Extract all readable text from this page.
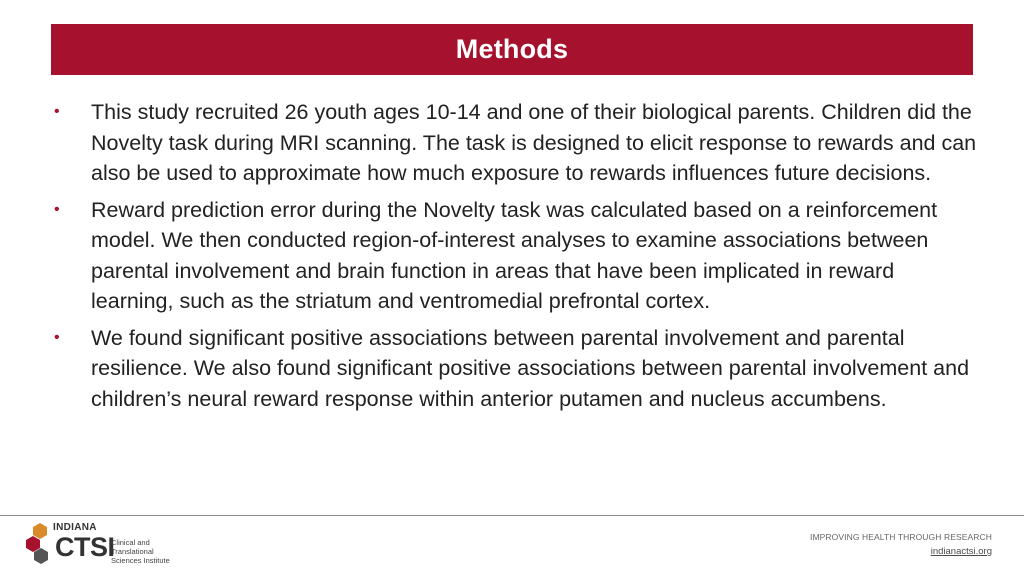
Methods
•	This study recruited 26 youth ages 10-14 and one of their biological parents. Children did the Novelty task during MRI scanning. The task is designed to elicit response to rewards and can also be used to approximate how much exposure to rewards influences future decisions.
•	Reward prediction error during the Novelty task was calculated based on a reinforcement model. We then conducted region-of-interest analyses to examine associations between parental involvement and brain function in areas that have been implicated in reward learning, such as the striatum and ventromedial prefrontal cortex.
•	We found significant positive associations between parental involvement and parental resilience. We also found significant positive associations between parental involvement and children’s neural reward response within anterior putamen and nucleus accumbens.
INDIANA
CTSI
Clinical and Translational
Sciences Institute
IMPROVING HEALTH THROUGH RESEARCH
indianactsi.org
